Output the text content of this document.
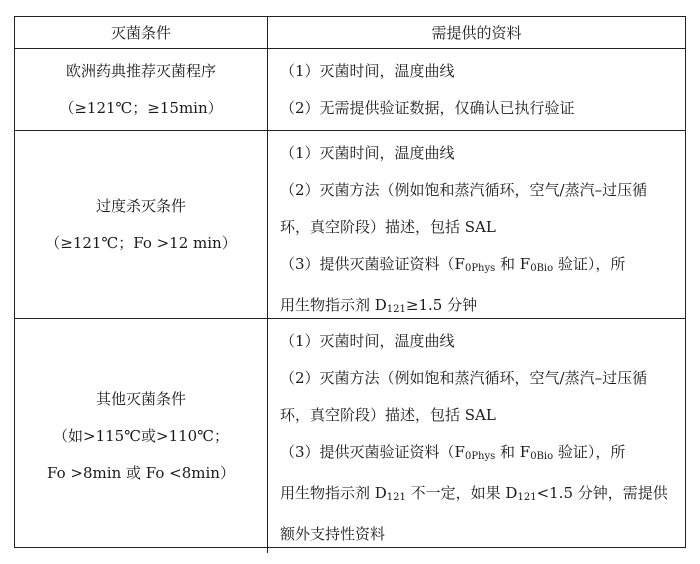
灭菌条件	需提供的资料
欧洲药典推荐灭菌程序
（≥121℃；≥15min）
（1）灭菌时间，温度曲线
（2）无需提供验证数据，仅确认已执行验证
过度杀灭条件
（≥121℃；Fo >12 min）
（1）灭菌时间，温度曲线
（2）灭菌方法（例如饱和蒸汽循环，空气/蒸汽–过压循
环，真空阶段）描述，包括 SAL
（3）提供灭菌验证资料（$F_{0Phys}$ 和 $F_{0Bio}$ 验证），所
用生物指示剂 $D_{121}\ge 1.5$ 分钟
其他灭菌条件
（如>115℃或>110℃；
Fo >8min 或 Fo <8min）
（1）灭菌时间，温度曲线
（2）灭菌方法（例如饱和蒸汽循环，空气/蒸汽–过压循
环，真空阶段）描述，包括 SAL
（3）提供灭菌验证资料（$F_{0Phys}$ 和 $F_{0Bio}$ 验证），所
用生物指示剂 $D_{121}$ 不一定，如果 $D_{121}<1.5$ 分钟，需提供
额外支持性资料
